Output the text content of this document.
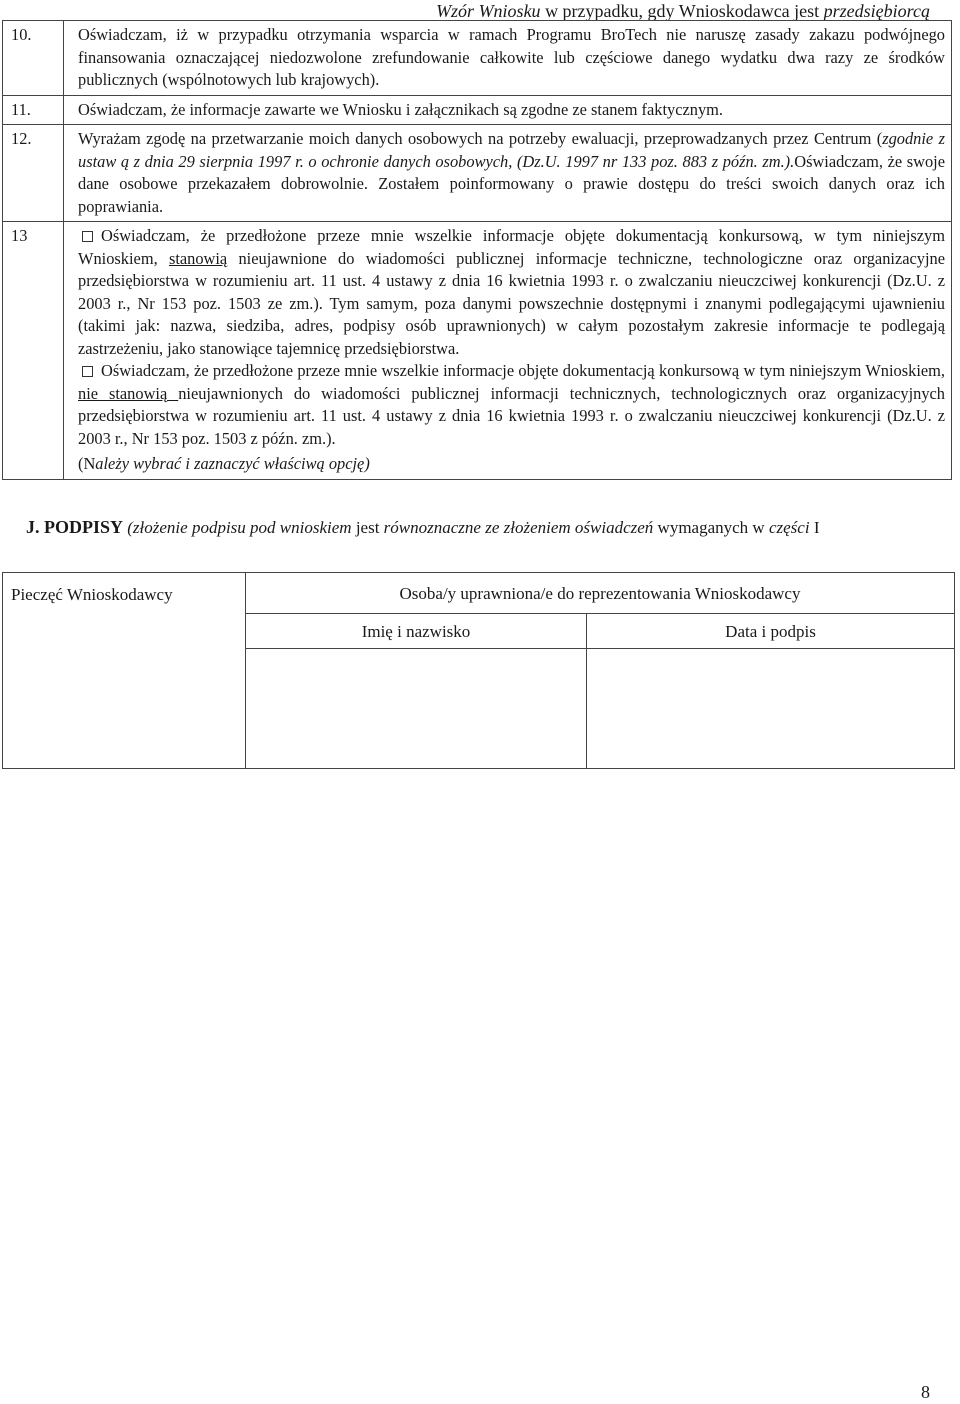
Wzór Wniosku w przypadku, gdy Wnioskodawca jest przedsiębiorcą
10.	Oświadczam, iż w przypadku otrzymania wsparcia w ramach Programu BroTech nie naruszę zasady zakazu podwójnego finansowania oznaczającej niedozwolone zrefundowanie całkowite lub częściowe danego wydatku dwa razy ze środków publicznych (wspólnotowych lub krajowych).
11.	Oświadczam, że informacje zawarte we Wniosku i załącznikach są zgodne ze stanem faktycznym.
12.	Wyrażam zgodę na przetwarzanie moich danych osobowych na potrzeby ewaluacji, przeprowadzanych przez Centrum (zgodnie z ustaw ą z dnia 29 sierpnia 1997 r. o ochronie danych osobowych, (Dz.U. 1997 nr 133 poz. 883 z późn. zm.).Oświadczam, że swoje dane osobowe przekazałem dobrowolnie. Zostałem poinformowany o prawie dostępu do treści swoich danych oraz ich poprawiania.
13	Oświadczam, że przedłożone przeze mnie wszelkie informacje objęte dokumentacją konkursową, w tym niniejszym Wnioskiem, stanowią nieujawnione do wiadomości publicznej informacje techniczne, technologiczne oraz organizacyjne przedsiębiorstwa w rozumieniu art. 11 ust. 4 ustawy z dnia 16 kwietnia 1993 r. o zwalczaniu nieuczciwej konkurencji (Dz.U. z 2003 r., Nr 153 poz. 1503 ze zm.). Tym samym, poza danymi powszechnie dostępnymi i znanymi podlegającymi ujawnieniu (takimi jak: nazwa, siedziba, adres, podpisy osób uprawnionych) w całym pozostałym zakresie informacje te podlegają zastrzeżeniu, jako stanowiące tajemnicę przedsiębiorstwa.
Oświadczam, że przedłożone przeze mnie wszelkie informacje objęte dokumentacją konkursową w tym niniejszym Wnioskiem, nie stanowią nieujawnionych do wiadomości publicznej informacji technicznych, technologicznych oraz organizacyjnych przedsiębiorstwa w rozumieniu art. 11 ust. 4 ustawy z dnia 16 kwietnia 1993 r. o zwalczaniu nieuczciwej konkurencji (Dz.U. z 2003 r., Nr 153 poz. 1503 z późn. zm.).
(Należy wybrać i zaznaczyć właściwą opcję)
J. PODPISY (złożenie podpisu pod wnioskiem jest równoznaczne ze złożeniem oświadczeń wymaganych w części I
Pieczęć Wnioskodawcy	Osoba/y uprawniona/e do reprezentowania Wnioskodawcy	
	Imię i nazwisko	Data i podpis

8
